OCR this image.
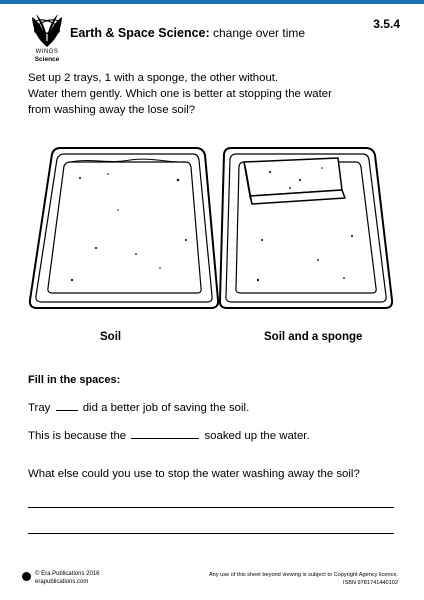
WINGS
Science
Earth & Space Science: change over time
3.5.4
Set up 2 trays, 1 with a sponge, the other without.
Water them gently. Which one is better at stopping the water
from washing away the lose soil?
Soil	Soil and a sponge
Fill in the spaces:
Tray	did a better job of saving the soil.
This is because the	soaked up the water.
What else could you use to stop the water washing away the soil?
© Era Publications 2016
erapublications.com
Any use of this sheet beyond viewing is subject to Copyright Agency licence.
ISBN 9781741440102
